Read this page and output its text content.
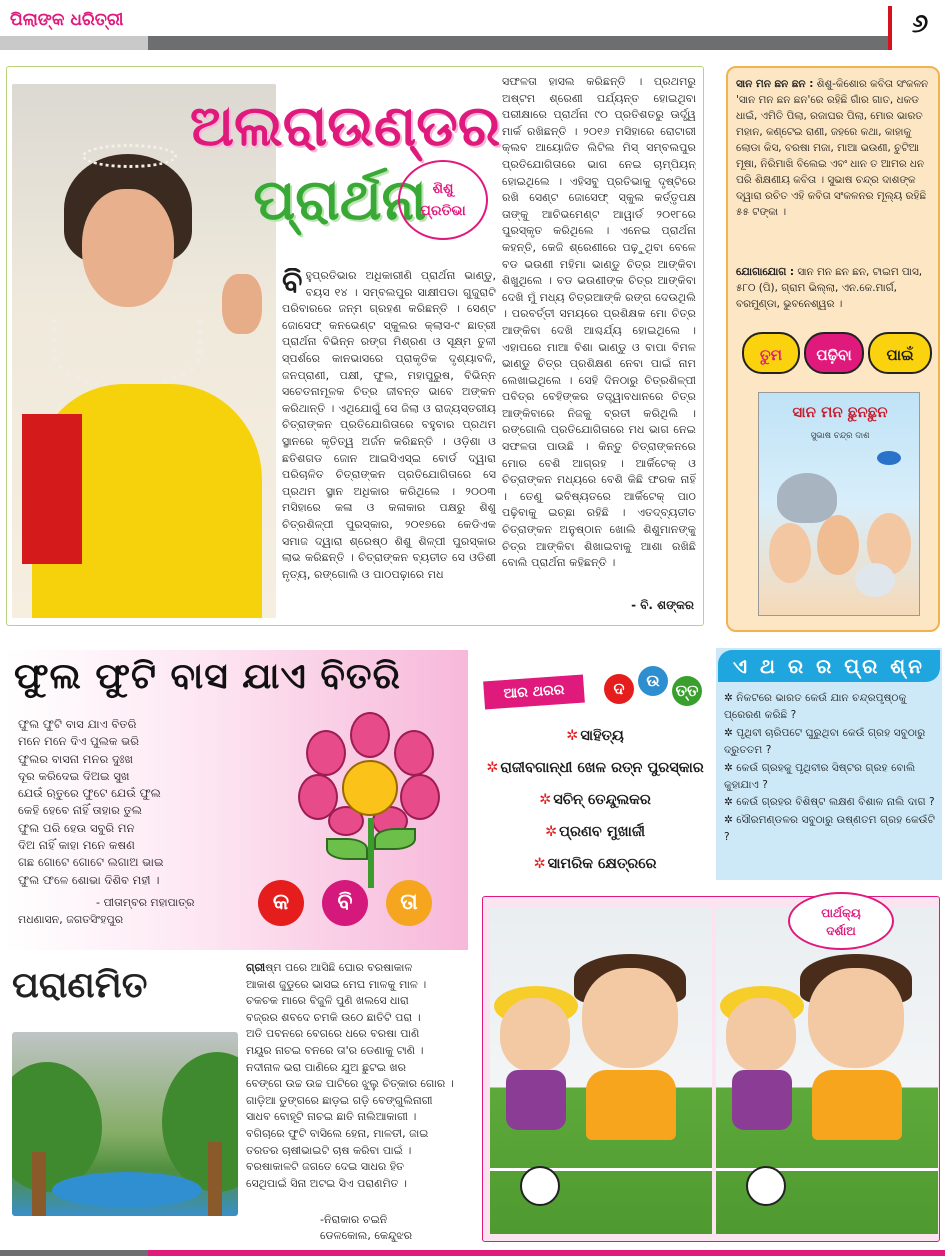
ପିଲାଙ୍କ ଧରିତ୍ରୀ	୬
ଅଲରାଉଣ୍ଡର
ପ୍ରାର୍ଥନା ଶିଶୁ
ପ୍ରତିଭା
ବିହୁପ୍ରତିଭାର ଅଧିକାରୀଣି ପ୍ରାର୍ଥନା ଭାଣ୍ଡୁ, ବୟସ ୧୪ । ସମ୍ବଲପୁର ସାକ୍ଷୀପଡା ଗୁଜୁରାଟି ପରିବାରରେ ଜନ୍ମ ଗ୍ରହଣ କରିଛନ୍ତି । ସେଣ୍ଟ ଜୋସେଫ୍ କନଭେଣ୍ଟ ସ୍କୁଲର କ୍ଲାସ-୯ ଛାତ୍ରୀ ପ୍ରାର୍ଥନା ବିଭିନ୍ନ ରଙ୍ଗ ମିଶ୍ରଣ ଓ ସୂକ୍ଷ୍ମ ତୁଳୀ ସ୍ପର୍ଶରେ କାନଭାସରେ ପ୍ରାକୃତିକ ଦୃଶ୍ୟାବଳି, ଜନପ୍ରାଣୀ, ପକ୍ଷୀ, ଫୁଲ, ମହାପୁରୁଷ, ବିଭିନ୍ନ ସଚେତନାମୂଳକ ଚିତ୍ର ଜୀବନ୍ତ ଭାବେ ଅଙ୍କନ କରିଥାନ୍ତି । ଏଥିଯୋଗୁଁ ସେ ଜିଲା ଓ ରାଜ୍ୟସ୍ତରୀୟ ଚିତ୍ରାଙ୍କନ ପ୍ରତିଯୋଗିତାରେ ବହୁବାର ପ୍ରଥମ ସ୍ଥାନରେ କୃତିତ୍ୱ ଅର୍ଜନ କରିଛନ୍ତି । ଓଡ଼ିଶା ଓ ଛତିଶଗଡ ଜୋନ ଆଇସିଏସ୍ଇ ବୋର୍ଡ ଦ୍ୱାରା ପରିଚାଳିତ ଚିତ୍ରାଙ୍କନ ପ୍ରତିଯୋଗିତାରେ ସେ ପ୍ରଥମ ସ୍ଥାନ ଅଧିକାର କରିଥିଲେ । ୨୦୦୩ ମସିହାରେ କଳା ଓ କଳାକାର ପକ୍ଷରୁ ଶିଶୁ ଚିତ୍ରଶିଳ୍ପୀ ପୁରସ୍କାର, ୨୦୧୭ରେ କେଡିଏକ ସମାଜ ଦ୍ୱାରା ଶ୍ରେଷ୍ଠ ଶିଶୁ ଶିଳ୍ପୀ ପୁରସ୍କାର ଲାଭ କରିଛନ୍ତି । ଚିତ୍ରାଙ୍କନ ବ୍ୟତୀତ ସେ ଓଡିଶୀ ନୃତ୍ୟ, ରଙ୍ଗୋଲି ଓ ପାଠପଢ଼ାରେ ମଧ
ସଫଳତା ହାସଲ କରିଛନ୍ତି । ପ୍ରଥମରୁ ଅଷ୍ଟମ ଶ୍ରେଣୀ ପର୍ଯ୍ୟନ୍ତ ହୋଇଥିବା ପରୀକ୍ଷାରେ ପ୍ରାର୍ଥନା ୯୦ ପ୍ରତିଶତରୁ ଊର୍ଦ୍ଧ୍ୱ ମାର୍କ ରଖିଛନ୍ତି । ୨୦୧୬ ମସିହାରେ ରୋଟାରୀ କ୍ଲବ ଆୟୋଜିତ ଲିଟିଲ ମିସ୍ ସମ୍ବଲପୁର ପ୍ରତିଯୋଗିତାରେ ଭାଗ ନେଇ ଚାମ୍ପିୟନ୍ ହୋଇଥିଲେ । ଏହିସବୁ ପ୍ରତିଭାକୁ ଦୃଷ୍ଟିରେ ରଖି ସେଣ୍ଟ ଜୋସେଫ୍ ସ୍କୁଲ କର୍ତ୍ତୃପକ୍ଷ ତାଙ୍କୁ ଆଚିଭମେଣ୍ଟ ଆୱାର୍ଡ ୨୦୧୮ରେ ପୁରସ୍କୃତ କରିଥିଲେ । ଏନେଇ ପ୍ରାର୍ଥନା କହନ୍ତି, କେଜି ଶ୍ରେଣୀରେ ପଢ଼ୁଥିବା ବେଳେ ବଡ ଭଉଣୀ ମହିମା ଭାଣ୍ଡୁ ଚିତ୍ର ଆଙ୍କିବା ଶିଖୁଥିଲେ । ବଡ ଭଉଣୀଙ୍କ ଚିତ୍ର ଆଙ୍କିବା ଦେଖି ମୁଁ ମଧ୍ୟ ଚିତ୍ରଆଙ୍କି ରଙ୍ଗ ଦେଉଥିଲି । ପରବର୍ତ୍ତୀ ସମୟରେ ପ୍ରଶିକ୍ଷକ ମୋ ଚିତ୍ର ଆଙ୍କିବା ଦେଖି ଆଶ୍ଚର୍ଯ୍ୟ ହୋଇଥିଲେ । ଏହାପରେ ମାଆ ବିଶା ଭାଣ୍ଡୁ ଓ ବାପା ବିମଳ ଭାଣ୍ଡୁ ଚିତ୍ର ପ୍ରଶିକ୍ଷଣ ନେବା ପାଇଁ ନାମ ଲେଖାଇଥିଲେ । ସେହି ଦିନଠାରୁ ଚିତ୍ରଶିଳ୍ପୀ ପବିତ୍ର ବେହିଙ୍କର ତତ୍ତ୍ୱାବଧାନରେ ଚିତ୍ର ଆଙ୍କିବାରେ ନିଜକୁ ବ୍ରତୀ କରିଥିଲି । ରଙ୍ଗୋଲି ପ୍ରତିଯୋଗିତାରେ ମଧ ଭାଗ ନେଇ ସଫଳତା ପାଉଛି । କିନ୍ତୁ ଚିତ୍ରାଙ୍କନରେ ମୋର ବେଶି ଆଗ୍ରହ । ଆର୍କିଟେକ୍ ଓ ଚିତ୍ରାଙ୍କନ ମଧ୍ୟରେ ବେଶି କିଛି ଫରକ ନାହିଁ । ତେଣୁ ଭବିଷ୍ୟତରେ ଆର୍କିଟେକ୍ ପାଠ ପଢ଼ିବାକୁ ଇଚ୍ଛା ରହିଛି । ଏତଦ୍‌ବ୍ୟତୀତ ଚିତ୍ରାଙ୍କନ ଅନୁଷ୍ଠାନ ଖୋଲି ଶିଶୁମାନଙ୍କୁ ଚିତ୍ର ଆଙ୍କିବା ଶିଖାଇବାକୁ ଆଶା ରଖିଛି ବୋଲି ପ୍ରାର୍ଥନା କହିଛନ୍ତି ।
- ବି. ଶଙ୍କର
ସାନ ମନ ଛନ ଛନ : ଶିଶୁ-କିଶୋର କବିତା ସଂକଳନ 'ସାନ ମନ ଛନ ଛନ'ରେ ରହିଛି ଗାଁର ଗାତ, ଧକଡ ଧାଇଁ, ଏମିତି ପିଲା, ରଜାଘର ପିଲା, ମୋର ଭାରତ ମହାନ, କଣ୍ଟେଇ ରାଣୀ, ଜହରେ କଥା, କାହାକୁ ଲୋଡା କିସ, ବରଷା ମଜା, ମାଆ ଭଉଣୀ, ଚୁଟିଆ ମୂଷା, ନିରିମାଖି ବିଲେଇ ଏବଂ ଧାନ ତ ଆମର ଧନ ପରି ଶିକ୍ଷଣୀୟ କବିତା । ସୁଭାଷ ଚନ୍ଦ୍ର ଦାଶଙ୍କ ଦ୍ୱାରା ରଚିତ ଏହି କବିତା ସଂକଳନର ମୂଲ୍ୟ ରହିଛି ୫୫ ଟଙ୍କା ।
ଯୋଗାଯୋଗ : ସାନ ମନ ଛନ ଛନ, ଟାଇମ ପାସ, ୫୮୦ (ପି), ଗ୍ରାମ ଭିଲ୍ଲା, ଏନ.କେ.ମାର୍ଗ, ବରମୁଣ୍ଡା, ଭୁବନେଶ୍ୱର ।
ତୁମ	ପଢ଼ିବା	ପାଇଁ
ସାନ ମନ ଛୁନଛୁନ
ସୁଭାଷ ଚନ୍ଦ୍ର ଦାଶ
ଫୁଲ ଫୁଟି ବାସ ଯାଏ ବିତରି
ଫୁଲ ଫୁଟି ବାସ ଯାଏ ବିତରି
ମନେ ମନେ ଦିଏ ପୁଲକ ଭରି
ଫୁଲର ବାସନା ମନର ଦୁଃଖ
ଦୂର କରିଦେଇ ଦିଅଇ ସୁଖ
ଯେଉଁ ଋତୁରେ ଫୁଟେ ଯେଉଁ ଫୁଲ
କେହି ହେବେ ନାହିଁ ତାହାର ତୁଲ
ଫୁଲ ପରି ହେଉ ସବୁରି ମନ
ଦିଅ ନାହିଁ କାହା ମନେ କଷଣ
ଗଛ ଗୋଟେ ଗୋଟେ ଲଗାଅ ଭାଇ
ଫୁଲ ଫଳେ ଶୋଭା ଦିଶିବ ମହୀ ।
- ପୀତାମ୍ବର ମହାପାତ୍ର
ମଧଣାସନ, ଜଗତସିଂହପୁର
କ	ବି	ତା
ପରାଣମିତ	ଗ୍ରୀଷ୍ମ ପରେ ଆସିଛି ଘୋର ବରଷାକାଳ
ଆକାଶ ଜୁଡୁରେ ଭାସଇ ମେଘ ମାଳକୁ ମାଳ ।
ଚକଚକ ମାରେ ବିଜୁଳି ପୁଣି ଖଲସେ ଧାରା
ବଜ୍ରର ଶବଦେ ଚମକି ଉଠେ ଛାତିଟି ପରା ।
ଅତି ପବନରେ ବେଗରେ ଧରେ ବରଷା ପାଣି
ମୟୂର ନାଚଇ ବନରେ ତା'ର ଡେଣାକୁ ଟାଣି ।
ନଦୀନାଳ ଭରା ପାଣିରେ ଯୁଅ ଛୁଟଇ ଖର
ବେଙ୍ଗେ ଉଚ୍ଚ ଉଚ୍ଚ ପାଟିରେ ଝୁଲୁ ଚିତ୍କାର ଗୋର ।
ଗାଡ଼ିଆ ଡୁଙ୍ଗରେ ଛାଡ଼ଇ ଗଡ଼ି ବେଙ୍ଗୁଲିନାଗୀ
ସାଧବ ବୋହୂଟି ନାଚଇ ଛାତି ନାଲିଆକାଗୀ ।
ବଗିଚାରେ ଫୁଟି ବାସିଲେ ହେନା, ମାଳତୀ, ଜାଇ
ତରତର ଚାଷୀଭାଇଟି ଚାଷ କରିବା ପାଇଁ ।
ବରଷାକାଳଟି ଜଗତେ ଦେଇ ସାଧର ହିତ
ସେଥିପାଇଁ ସିନା ଅଟଇ ସିଏ ପରାଣମିତ ।
-ନିରାକାର ଚଇନି
ଡେଳକୋଲ, କେନ୍ଦୁଝର
ଆର ଥରର	ଦ	ଉ
ତ୍ତ
✲ ସାହିତ୍ୟ
✲ ରାଜୀବଗାନ୍ଧୀ ଖେଳ ରତ୍ନ ପୁରସ୍କାର
✲ ସଚିନ୍ ତେନ୍ଦୁଲକର
✲ ପ୍ରଣବ ମୁଖାର୍ଜୀ
✲ ସାମରିକ କ୍ଷେତ୍ରରେ
ଏ ଥ ର ର ପ୍ର ଶ୍ନ
✲ ନିକଟରେ ଭାରତ କେଉଁ ଯାନ ଚନ୍ଦ୍ରପୃଷ୍ଠକୁ ପ୍ରେରଣ କରିଛି ?
✲ ପୃଥିବୀ ଚାରିପଟେ ଘୁରୁଥିବା କେଉଁ ଗ୍ରହ ସବୁଠାରୁ ଦ୍ରୁତତମ ?
✲ କେଉଁ ଗ୍ରହକୁ ପୃଥିବୀର ସିଷ୍ଟର ଗ୍ରହ ବୋଲି କୁହାଯାଏ ?
✲ କେଉଁ ଗ୍ରହର ବିଶିଷ୍ଟ ଲକ୍ଷଣ ବିଶାଳ ନାଲି ଦାଗ ?
✲ ସୌରମଣ୍ଡଳର ସବୁଠାରୁ ଉଷ୍ଣତମ ଗ୍ରହ କେଉଁଟି ?
ପାର୍ଥକ୍ୟ
ଦର୍ଶାଅ
